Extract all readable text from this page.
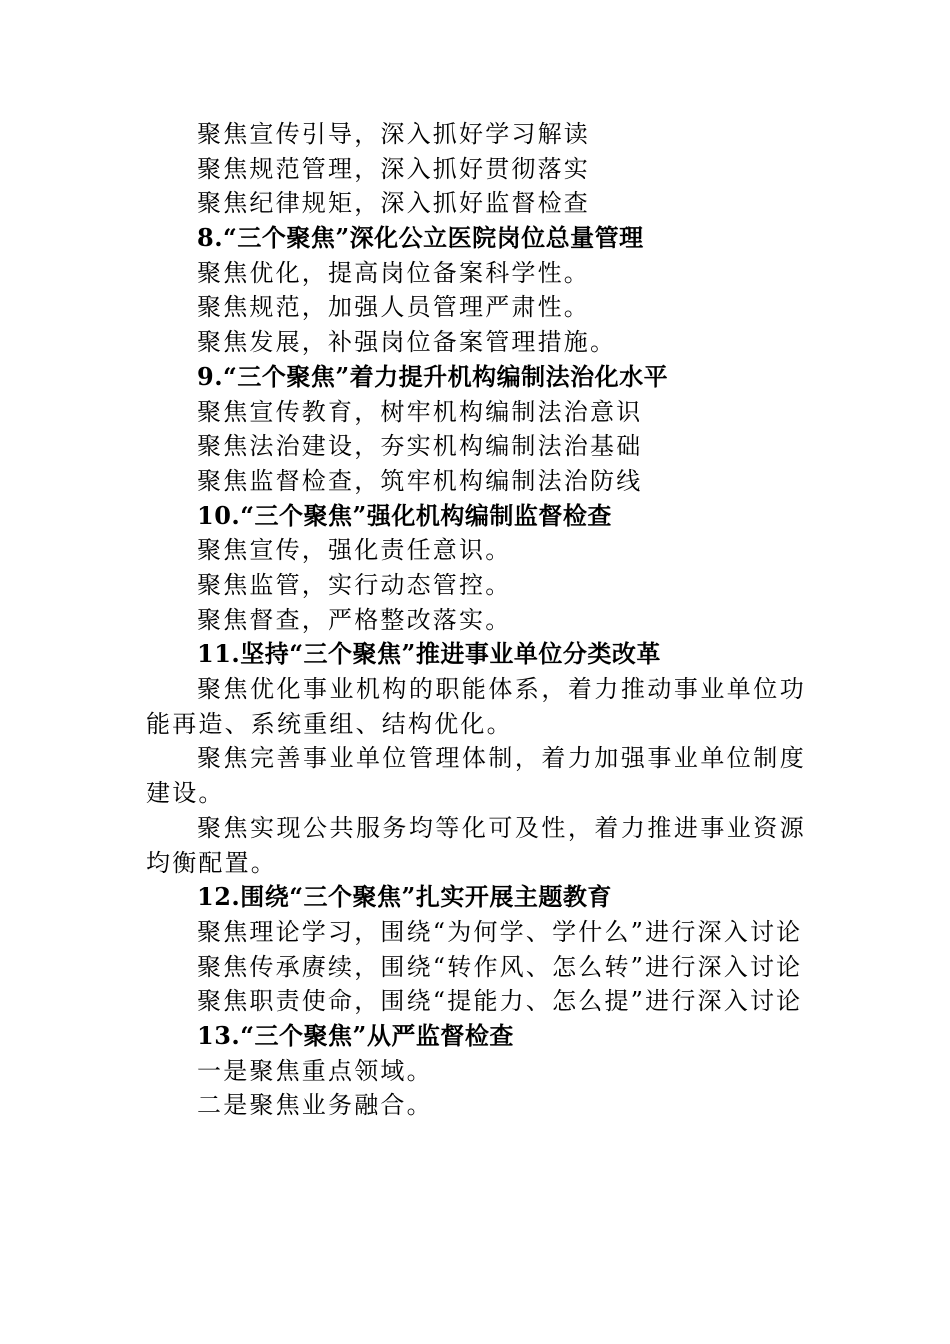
聚焦宣传引导，深入抓好学习解读
聚焦规范管理，深入抓好贯彻落实
聚焦纪律规矩，深入抓好监督检查
8.“三个聚焦”深化公立医院岗位总量管理
聚焦优化，提高岗位备案科学性。
聚焦规范，加强人员管理严肃性。
聚焦发展，补强岗位备案管理措施。
9.“三个聚焦”着力提升机构编制法治化水平
聚焦宣传教育，树牢机构编制法治意识
聚焦法治建设，夯实机构编制法治基础
聚焦监督检查，筑牢机构编制法治防线
10.“三个聚焦”强化机构编制监督检查
聚焦宣传，强化责任意识。
聚焦监管，实行动态管控。
聚焦督查，严格整改落实。
11.坚持“三个聚焦”推进事业单位分类改革
聚焦优化事业机构的职能体系，着力推动事业单位功能再造、系统重组、结构优化。
聚焦完善事业单位管理体制，着力加强事业单位制度建设。
聚焦实现公共服务均等化可及性，着力推进事业资源均衡配置。
12.围绕“三个聚焦”扎实开展主题教育
聚焦理论学习，围绕“为何学、学什么”进行深入讨论
聚焦传承赓续，围绕“转作风、怎么转”进行深入讨论
聚焦职责使命，围绕“提能力、怎么提”进行深入讨论
13.“三个聚焦”从严监督检查
一是聚焦重点领域。
二是聚焦业务融合。
